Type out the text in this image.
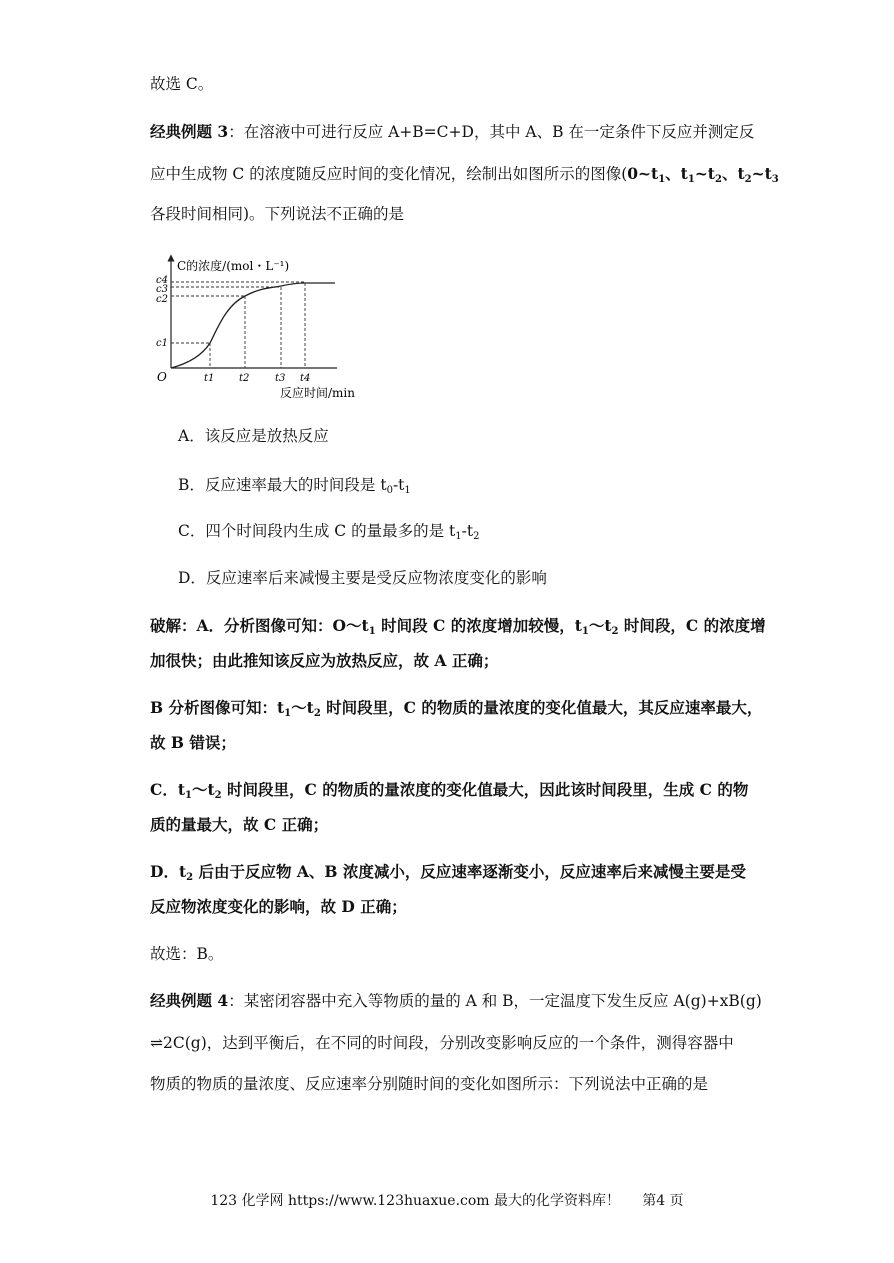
故选 C。
经典例题 3：在溶液中可进行反应 A+B=C+D，其中 A、B 在一定条件下反应并测定反
应中生成物 C 的浓度随反应时间的变化情况，绘制出如图所示的图像($0\sim t_1$、$t_1\sim t_2$、$t_2\sim t_3$
各段时间相同)。下列说法不正确的是
C的浓度/(mol・L⁻¹)
O
c1
c2
c3
c4
t1 t2	t3 t4
反应时间/min
A．该反应是放热反应
B．反应速率最大的时间段是 $t_0-t_1$
C．四个时间段内生成 C 的量最多的是 $t_1-t_2$
D．反应速率后来减慢主要是受反应物浓度变化的影响
破解：A．分析图像可知：$O\sim t_1$ 时间段 C 的浓度增加较慢，$t_1\sim t_2$ 时间段，C 的浓度增
加很快；由此推知该反应为放热反应，故 A 正确；
B 分析图像可知：$t_1\sim t_2$ 时间段里，C 的物质的量浓度的变化值最大，其反应速率最大，
故 B 错误；
C．$t_1\sim t_2$ 时间段里，C 的物质的量浓度的变化值最大，因此该时间段里，生成 C 的物
质的量最大，故 C 正确；
D．$t_2$ 后由于反应物 A、B 浓度减小，反应速率逐渐变小，反应速率后来减慢主要是受
反应物浓度变化的影响，故 D 正确；
故选：B。
经典例题 4：某密闭容器中充入等物质的量的 A 和 B，一定温度下发生反应 A(g)+xB(g)
⇌2C(g)，达到平衡后，在不同的时间段，分别改变影响反应的一个条件，测得容器中
物质的物质的量浓度、反应速率分别随时间的变化如图所示：下列说法中正确的是
123 化学网 https://www.123huaxue.com 最大的化学资料库！ 第4 页
